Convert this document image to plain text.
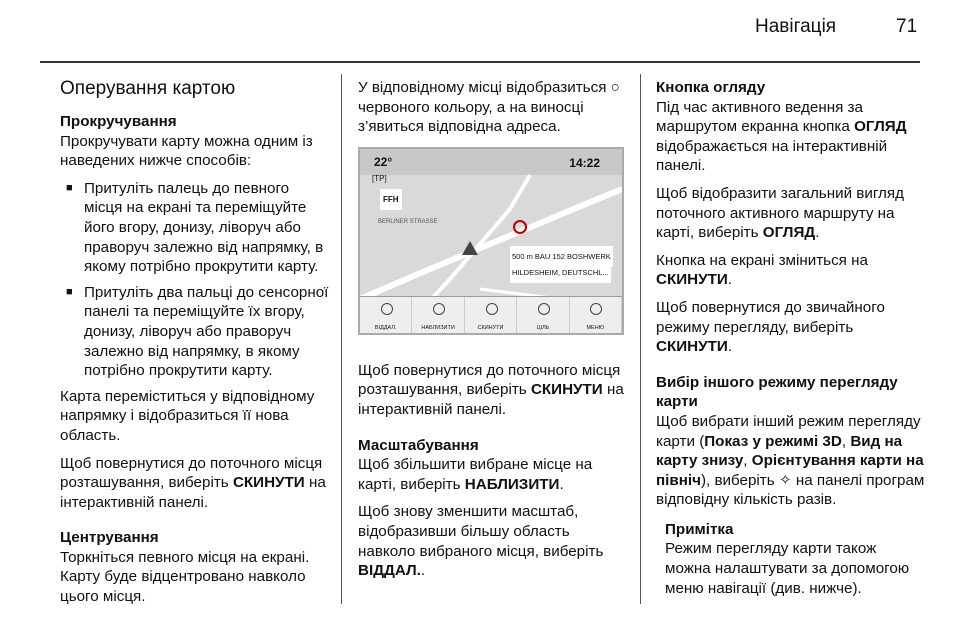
Навігація	71
Оперування картою
Прокручування

Прокручувати карту можна одним із наведених нижче способів:

■ Притуліть палець до певного місця на екрані та переміщуйте його вгору, донизу, ліворуч або праворуч залежно від напрямку, в якому потрібно прокрутити карту.
■ Притуліть два пальці до сенсорної панелі та переміщуйте їх вгору, донизу, ліворуч або праворуч залежно від напрямку, в якому потрібно прокрутити карту.

Карта переміститься у відповідному напрямку і відобразиться її нова область.

Щоб повернутися до поточного місця розташування, виберіть СКИНУТИ на інтерактивній панелі.

Центрування

Торкніться певного місця на екрані. Карту буде відцентровано навколо цього місця.

У відповідному місці відобразиться ○ червоного кольору, а на виносці з’явиться відповідна адреса.

22°
[TP]
14:22
FFH
BERLINER STRASSE
500 m BAU 152 BOSHWERK
HILDESHEIM, DEUTSCHL...
ВІДДАЛ.	НАБЛИЗИТИ	СКИНУТИ	ЦІЛЬ	МЕНЮ

Щоб повернутися до поточного місця розташування, виберіть СКИНУТИ на інтерактивній панелі.

Масштабування

Щоб збільшити вибране місце на карті, виберіть НАБЛИЗИТИ.

Щоб знову зменшити масштаб, відобразивши більшу область навколо вибраного місця, виберіть ВІДДАЛ..

Кнопка огляду

Під час активного ведення за маршрутом екранна кнопка ОГЛЯД відображається на інтерактивній панелі.

Щоб відобразити загальний вигляд поточного активного маршруту на карті, виберіть ОГЛЯД.

Кнопка на екрані зміниться на СКИНУТИ.

Щоб повернутися до звичайного режиму перегляду, виберіть СКИНУТИ.

Вибір іншого режиму перегляду карти

Щоб вибрати інший режим перегляду карти (Показ у режимі 3D, Вид на карту знизу, Орієнтування карти на північ), виберіть ✧ на панелі програм відповідну кількість разів.

Примітка
Режим перегляду карти також можна налаштувати за допомогою меню навігації (див. нижче).
